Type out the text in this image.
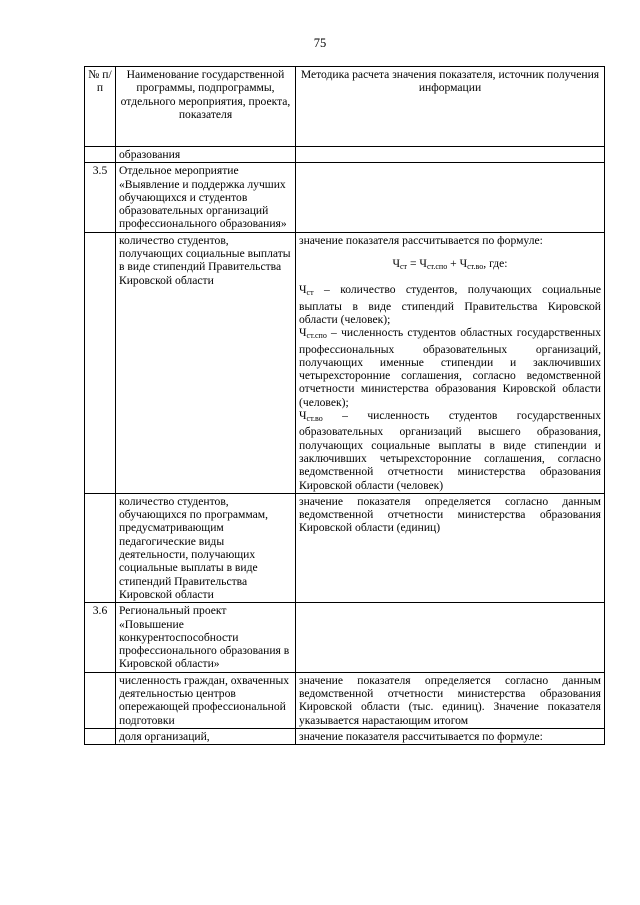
75
№ п/п	Наименование государственной программы, подпрограммы, отдельного мероприятия, проекта, показателя	Методика расчета значения показателя, источник получения информации
	образования	
3.5	Отдельное мероприятие «Выявление и поддержка лучших обучающихся и студентов образовательных организаций профессионального образования»	
	количество студентов, получающих социальные выплаты в виде стипендий Правительства Кировской области	значение показателя рассчитывается по формуле:

$Ч_{ст} = Ч_{ст.спо} + Ч_{ст.во}$, где:

$Ч_{ст}$ – количество студентов, получающих социальные выплаты в виде стипендий Правительства Кировской области (человек);

$Ч_{ст.спо}$ – численность студентов областных государственных профессиональных образовательных организаций, получающих именные стипендии и заключивших четырехсторонние соглашения, согласно ведомственной отчетности министерства образования Кировской области (человек);

$Ч_{ст.во}$ – численность студентов государственных образовательных организаций высшего образования, получающих социальные выплаты в виде стипендии и заключивших четырехсторонние соглашения, согласно ведомственной отчетности министерства образования Кировской области (человек)

	количество студентов, обучающихся по программам, предусматривающим педагогические виды деятельности, получающих социальные выплаты в виде стипендий Правительства Кировской области	значение показателя определяется согласно данным ведомственной отчетности министерства образования Кировской области (единиц)
3.6	Региональный проект «Повышение конкурентоспособности профессионального образования в Кировской области»	
	численность граждан, охваченных деятельностью центров опережающей профессиональной подготовки	значение показателя определяется согласно данным ведомственной отчетности министерства образования Кировской области (тыс. единиц). Значение показателя указывается нарастающим итогом
	доля организаций,	значение показателя рассчитывается по формуле:
